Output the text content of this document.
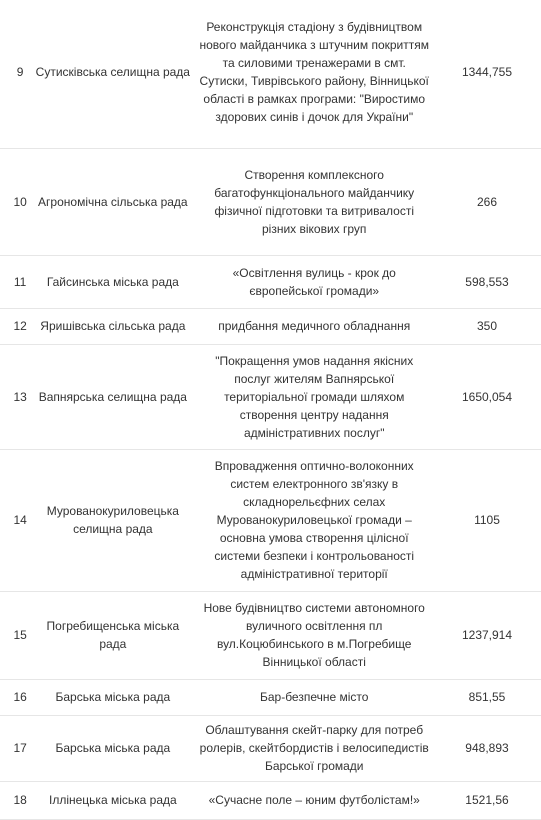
9	Сутисківська селищна рада	Реконструкція стадіону з будівництвом нового майданчика з штучним покриттям та силовими тренажерами в смт. Сутиски, Тиврівського району, Вінницької області в рамках програми: "Виростимо здорових синів і дочок для України"	1344,755
10	Агрономічна сільська рада	Створення комплексного багатофункціонального майданчику фізичної підготовки та витривалості різних вікових груп	266
11	Гайсинська міська рада	«Освітлення вулиць - крок до європейської громади»	598,553
12	Яришівська сільська рада	придбання медичного обладнання	350
13	Вапнярська селищна рада	"Покращення умов надання якісних послуг жителям Вапнярської територіальної громади шляхом створення центру надання адміністративних послуг"	1650,054
14	Мурованокуриловецька селищна рада	Впровадження оптично-волоконних систем електронного зв'язку в складнорельєфних селах Мурованокуриловецької громади – основна умова створення цілісної системи безпеки і контрольованості адміністративної території	1105
15	Погребищенська міська рада	Нове будівництво системи автономного вуличного освітлення пл вул.Коцюбинського в м.Погребище Вінницької області	1237,914
16	Барська міська рада	Бар-безпечне місто	851,55
17	Барська міська рада	Облаштування скейт-парку для потреб ролерів, скейтбордистів і велосипедистів Барської громади	948,893
18	Іллінецька міська рада	«Сучасне поле – юним футболістам!»	1521,56
